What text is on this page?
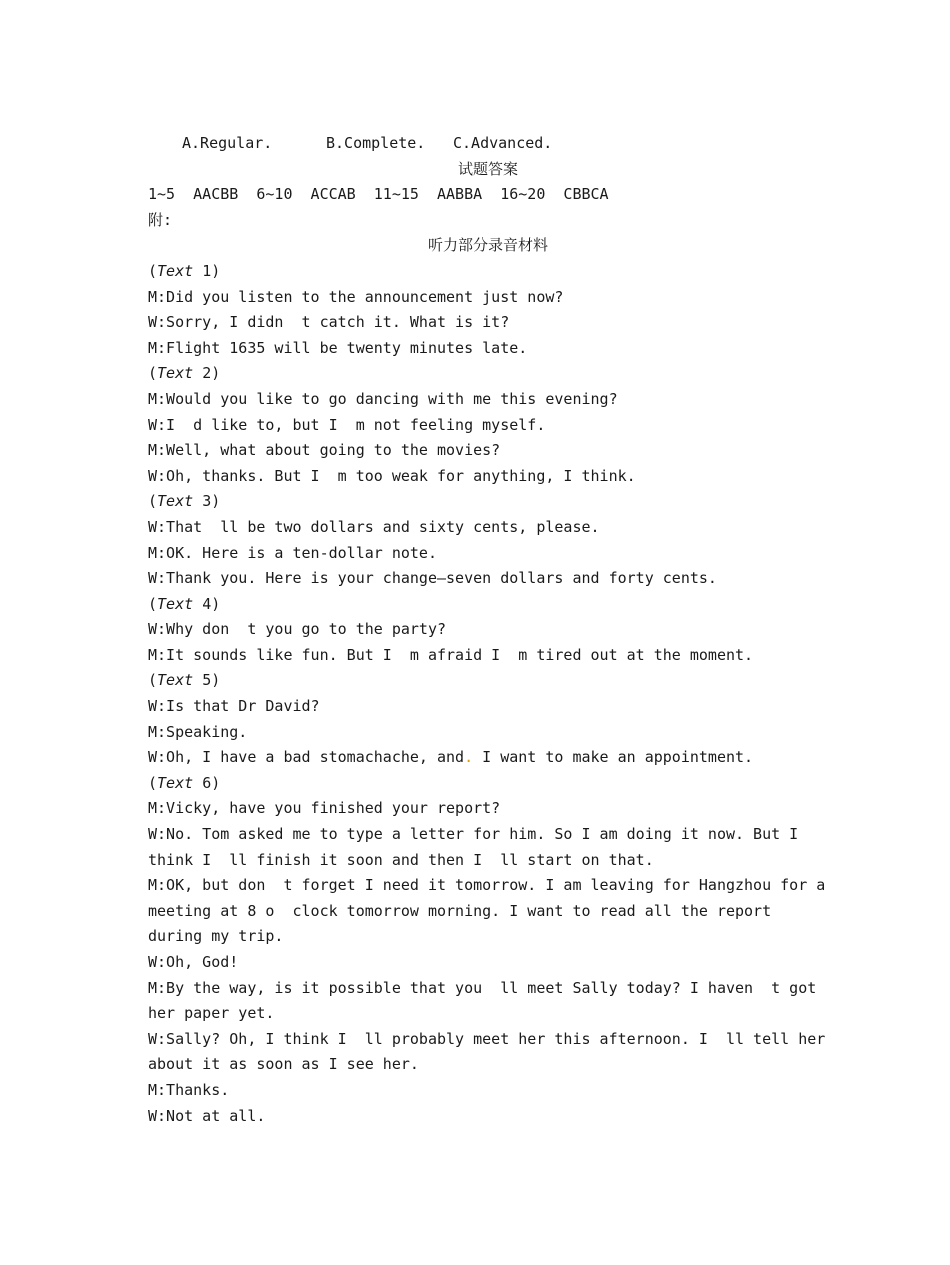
A.Regular.	B.Complete. C.Advanced.
试题答案
1~5  AACBB  6~10  ACCAB  11~15  AABBA  16~20  CBBCA
附:
听力部分录音材料
(Text 1)
M:Did you listen to the announcement just now?
W:Sorry, I didn  t catch it. What is it?
M:Flight 1635 will be twenty minutes late.
(Text 2)
M:Would you like to go dancing with me this evening?
W:I  d like to, but I  m not feeling myself.
M:Well, what about going to the movies?
W:Oh, thanks. But I  m too weak for anything, I think.
(Text 3)
W:That  ll be two dollars and sixty cents, please.
M:OK. Here is a ten-dollar note.
W:Thank you. Here is your change—seven dollars and forty cents.
(Text 4)
W:Why don  t you go to the party?
M:It sounds like fun. But I  m afraid I  m tired out at the moment.
(Text 5)
W:Is that Dr David?
M:Speaking.
W:Oh, I have a bad stomachache, and. I want to make an appointment.
(Text 6)
M:Vicky, have you finished your report?
W:No. Tom asked me to type a letter for him. So I am doing it now. But I
think I  ll finish it soon and then I  ll start on that.
M:OK, but don  t forget I need it tomorrow. I am leaving for Hangzhou for a
meeting at 8 o  clock tomorrow morning. I want to read all the report
during my trip.
W:Oh, God!
M:By the way, is it possible that you  ll meet Sally today? I haven  t got
her paper yet.
W:Sally? Oh, I think I  ll probably meet her this afternoon. I  ll tell her
about it as soon as I see her.
M:Thanks.
W:Not at all.
